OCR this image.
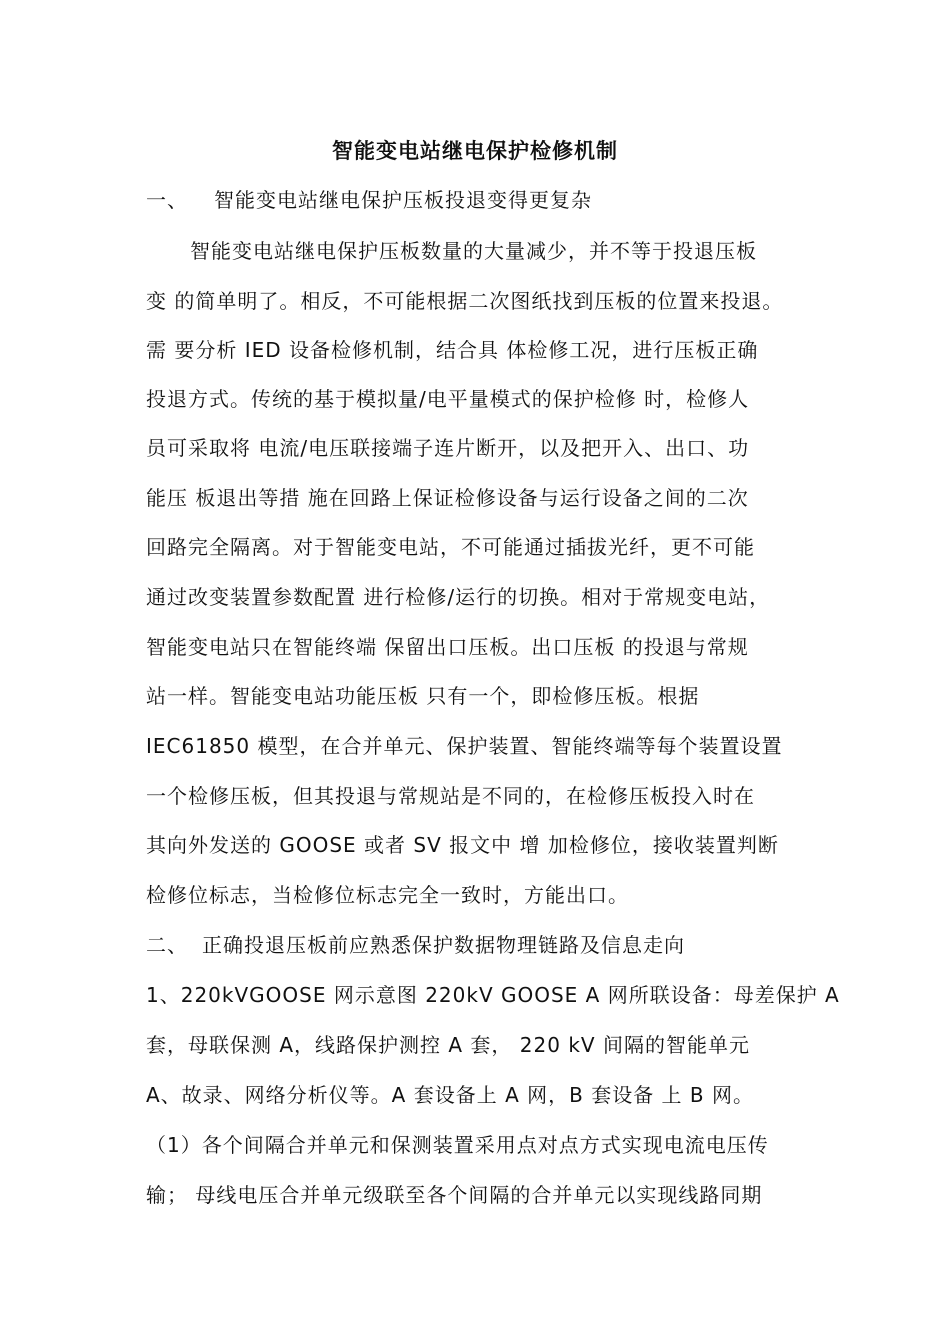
智能变电站继电保护检修机制
一、 智能变电站继电保护压板投退变得更复杂
智能变电站继电保护压板数量的大量减少，并不等于投退压板
变 的简单明了。相反，不可能根据二次图纸找到压板的位置来投退。
需 要分析 IED 设备检修机制，结合具 体检修工况，进行压板正确
投退方式。传统的基于模拟量/电平量模式的保护检修 时，检修人
员可采取将 电流/电压联接端子连片断开，以及把开入、出口、功
能压 板退出等措 施在回路上保证检修设备与运行设备之间的二次
回路完全隔离。对于智能变电站，不可能通过插拔光纤，更不可能
通过改变装置参数配置 进行检修/运行的切换。相对于常规变电站，
智能变电站只在智能终端 保留出口压板。出口压板 的投退与常规
站一样。智能变电站功能压板 只有一个，即检修压板。根据
IEC61850 模型，在合并单元、保护装置、智能终端等每个装置设置
一个检修压板，但其投退与常规站是不同的，在检修压板投入时在
其向外发送的 GOOSE 或者 SV 报文中 增 加检修位，接收装置判断
检修位标志，当检修位标志完全一致时，方能出口。
二、 正确投退压板前应熟悉保护数据物理链路及信息走向
1、220kVGOOSE 网示意图 220kV GOOSE A 网所联设备：母差保护 A
套，母联保测 A，线路保护测控 A 套， 220 kV 间隔的智能单元
A、故录、网络分析仪等。A 套设备上 A 网，B 套设备 上 B 网。
（1）各个间隔合并单元和保测装置采用点对点方式实现电流电压传
输； 母线电压合并单元级联至各个间隔的合并单元以实现线路同期
